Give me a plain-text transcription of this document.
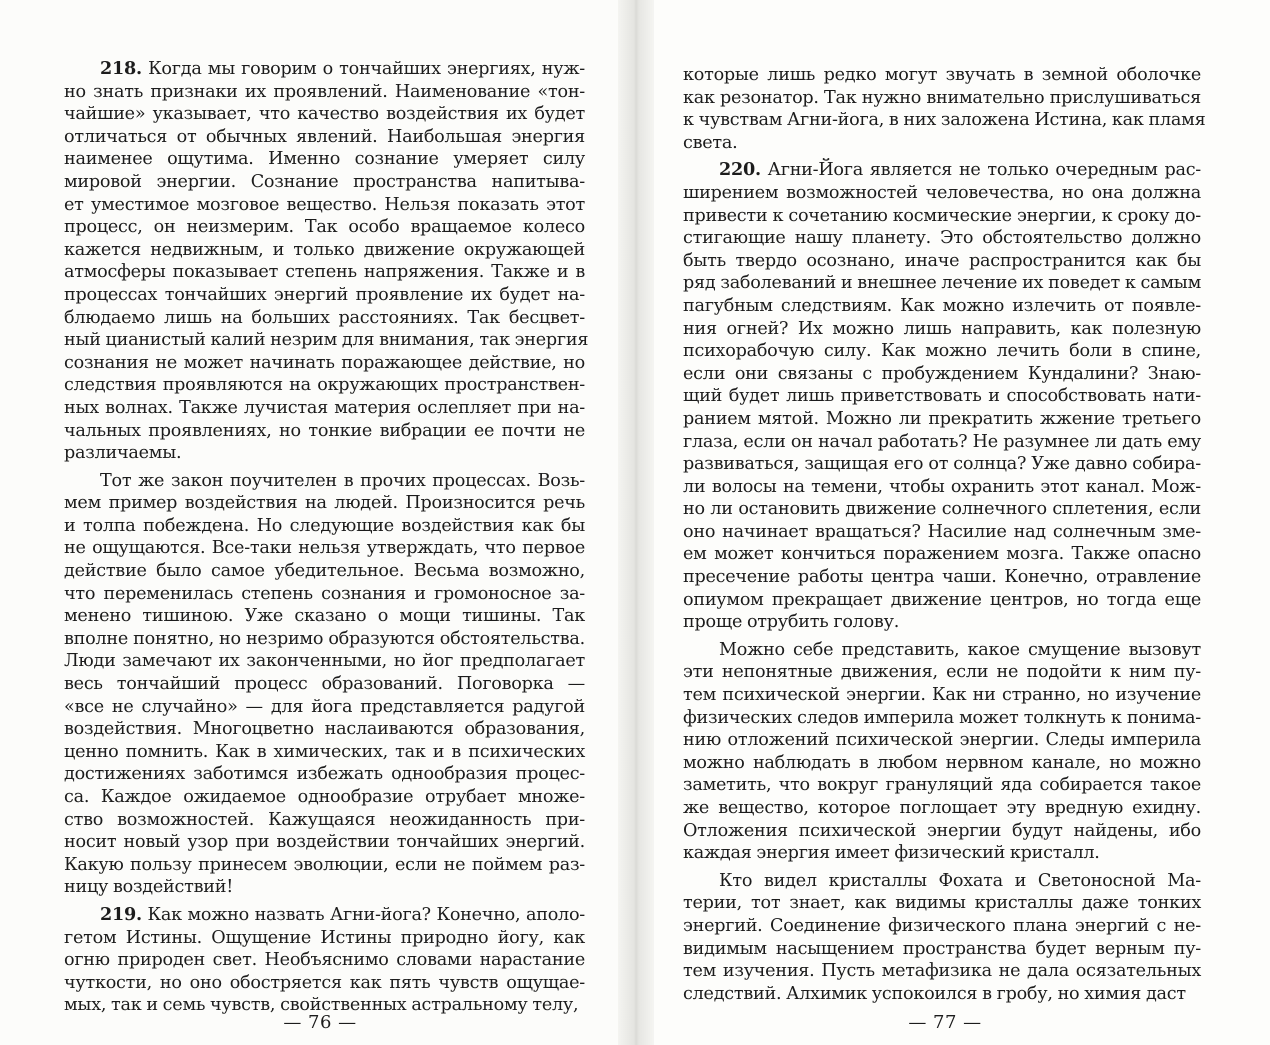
218. Когда мы говорим о тончайших энергиях, нуж-
но знать признаки их проявлений. Наименование «тон-
чайшие» указывает, что качество воздействия их будет
отличаться от обычных явлений. Наибольшая энергия
наименее ощутима. Именно сознание умеряет силу
мировой энергии. Сознание пространства напитыва-
ет уместимое мозговое вещество. Нельзя показать этот
процесс, он неизмерим. Так особо вращаемое колесо
кажется недвижным, и только движение окружающей
атмосферы показывает степень напряжения. Также и в
процессах тончайших энергий проявление их будет на-
блюдаемо лишь на больших расстояниях. Так бесцвет-
ный цианистый калий незрим для внимания, так энергия
сознания не может начинать поражающее действие, но
следствия проявляются на окружающих пространствен-
ных волнах. Также лучистая материя ослепляет при на-
чальных проявлениях, но тонкие вибрации ее почти не
различаемы.
Тот же закон поучителен в прочих процессах. Возь-
мем пример воздействия на людей. Произносится речь
и толпа побеждена. Но следующие воздействия как бы
не ощущаются. Все-таки нельзя утверждать, что первое
действие было самое убедительное. Весьма возможно,
что переменилась степень сознания и громоносное за-
менено тишиною. Уже сказано о мощи тишины. Так
вполне понятно, но незримо образуются обстоятельства.
Люди замечают их законченными, но йог предполагает
весь тончайший процесс образований. Поговорка —
«все не случайно» — для йога представляется радугой
воздействия. Многоцветно наслаиваются образования,
ценно помнить. Как в химических, так и в психических
достижениях заботимся избежать однообразия процес-
са. Каждое ожидаемое однообразие отрубает множе-
ство возможностей. Кажущаяся неожиданность при-
носит новый узор при воздействии тончайших энергий.
Какую пользу принесем эволюции, если не поймем раз-
ницу воздействий!
219. Как можно назвать Агни-йога? Конечно, аполо-
гетом Истины. Ощущение Истины природно йогу, как
огню природен свет. Необъяснимо словами нарастание
чуткости, но оно обостряется как пять чувств ощущае-
мых, так и семь чувств, свойственных астральному телу,
которые лишь редко могут звучать в земной оболочке
как резонатор. Так нужно внимательно прислушиваться
к чувствам Агни-йога, в них заложена Истина, как пламя
света.
220. Агни-Йога является не только очередным рас-
ширением возможностей человечества, но она должна
привести к сочетанию космические энергии, к сроку до-
стигающие нашу планету. Это обстоятельство должно
быть твердо осознано, иначе распространится как бы
ряд заболеваний и внешнее лечение их поведет к самым
пагубным следствиям. Как можно излечить от появле-
ния огней? Их можно лишь направить, как полезную
психорабочую силу. Как можно лечить боли в спине,
если они связаны с пробуждением Кундалини? Знаю-
щий будет лишь приветствовать и способствовать нати-
ранием мятой. Можно ли прекратить жжение третьего
глаза, если он начал работать? Не разумнее ли дать ему
развиваться, защищая его от солнца? Уже давно собира-
ли волосы на темени, чтобы охранить этот канал. Мож-
но ли остановить движение солнечного сплетения, если
оно начинает вращаться? Насилие над солнечным зме-
ем может кончиться поражением мозга. Также опасно
пресечение работы центра чаши. Конечно, отравление
опиумом прекращает движение центров, но тогда еще
проще отрубить голову.
Можно себе представить, какое смущение вызовут
эти непонятные движения, если не подойти к ним пу-
тем психической энергии. Как ни странно, но изучение
физических следов империла может толкнуть к понима-
нию отложений психической энергии. Следы империла
можно наблюдать в любом нервном канале, но можно
заметить, что вокруг грануляций яда собирается такое
же вещество, которое поглощает эту вредную ехидну.
Отложения психической энергии будут найдены, ибо
каждая энергия имеет физический кристалл.
Кто видел кристаллы Фохата и Светоносной Ма-
терии, тот знает, как видимы кристаллы даже тонких
энергий. Соединение физического плана энергий с не-
видимым насыщением пространства будет верным пу-
тем изучения. Пусть метафизика не дала осязательных
следствий. Алхимик успокоился в гробу, но химия даст
— 76 —	— 77 —
